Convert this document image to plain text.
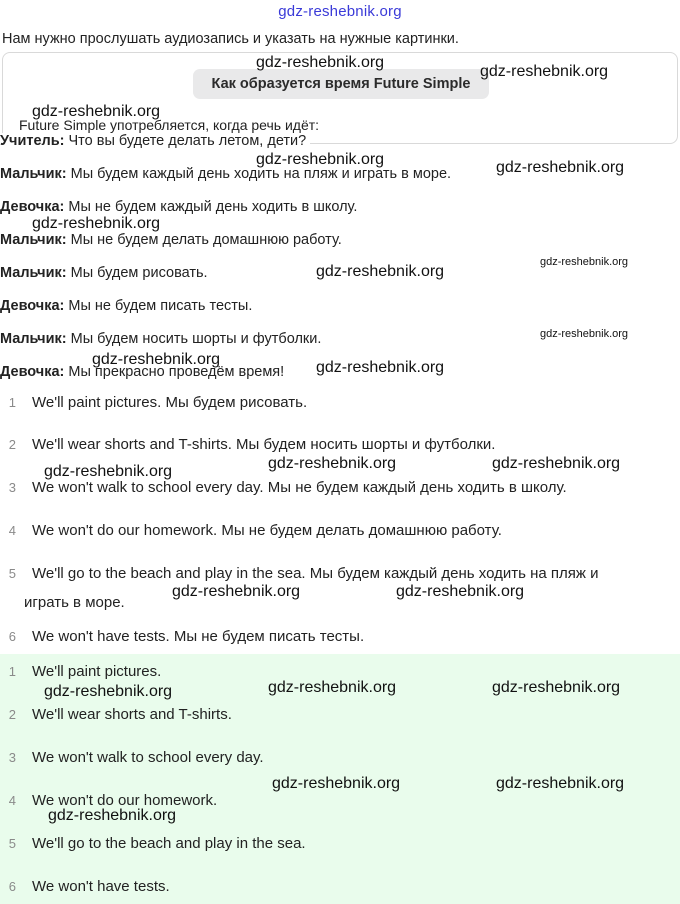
gdz-reshebnik.org
Нам нужно прослушать аудиозапись и указать на нужные картинки.
Как образуется время Future Simple
Future Simple употребляется, когда речь идёт:
Учитель: Что вы будете делать летом, дети?
Мальчик: Мы будем каждый день ходить на пляж и играть в море.
Девочка: Мы не будем каждый день ходить в школу.
Мальчик: Мы не будем делать домашнюю работу.
Мальчик: Мы будем рисовать.
Девочка: Мы не будем писать тесты.
Мальчик: Мы будем носить шорты и футболки.
Девочка: Мы прекрасно проведём время!
1 We'll paint pictures. Мы будем рисовать.
2 We'll wear shorts and T-shirts. Мы будем носить шорты и футболки.
3 We won't walk to school every day. Мы не будем каждый день ходить в школу.
4 We won't do our homework. Мы не будем делать домашнюю работу.
5 We'll go to the beach and play in the sea. Мы будем каждый день ходить на пляж и
играть в море.
6 We won't have tests. Мы не будем писать тесты.
1 We'll paint pictures.
2 We'll wear shorts and T-shirts.
3 We won't walk to school every day.
4 We won't do our homework.
5 We'll go to the beach and play in the sea.
6 We won't have tests.
gdz-reshebnik.org
gdz-reshebnik.org
gdz-reshebnik.org
gdz-reshebnik.org	gdz-reshebnik.org
gdz-reshebnik.org
gdz-reshebnik.org
gdz-reshebnik.org
gdz-reshebnik.org
gdz-reshebnik.org	gdz-reshebnik.org
gdz-reshebnik.org	gdz-reshebnik.org
gdz-reshebnik.org
gdz-reshebnik.org	gdz-reshebnik.org
gdz-reshebnik.org	gdz-reshebnik.org
gdz-reshebnik.org
gdz-reshebnik.org	gdz-reshebnik.org
gdz-reshebnik.org
